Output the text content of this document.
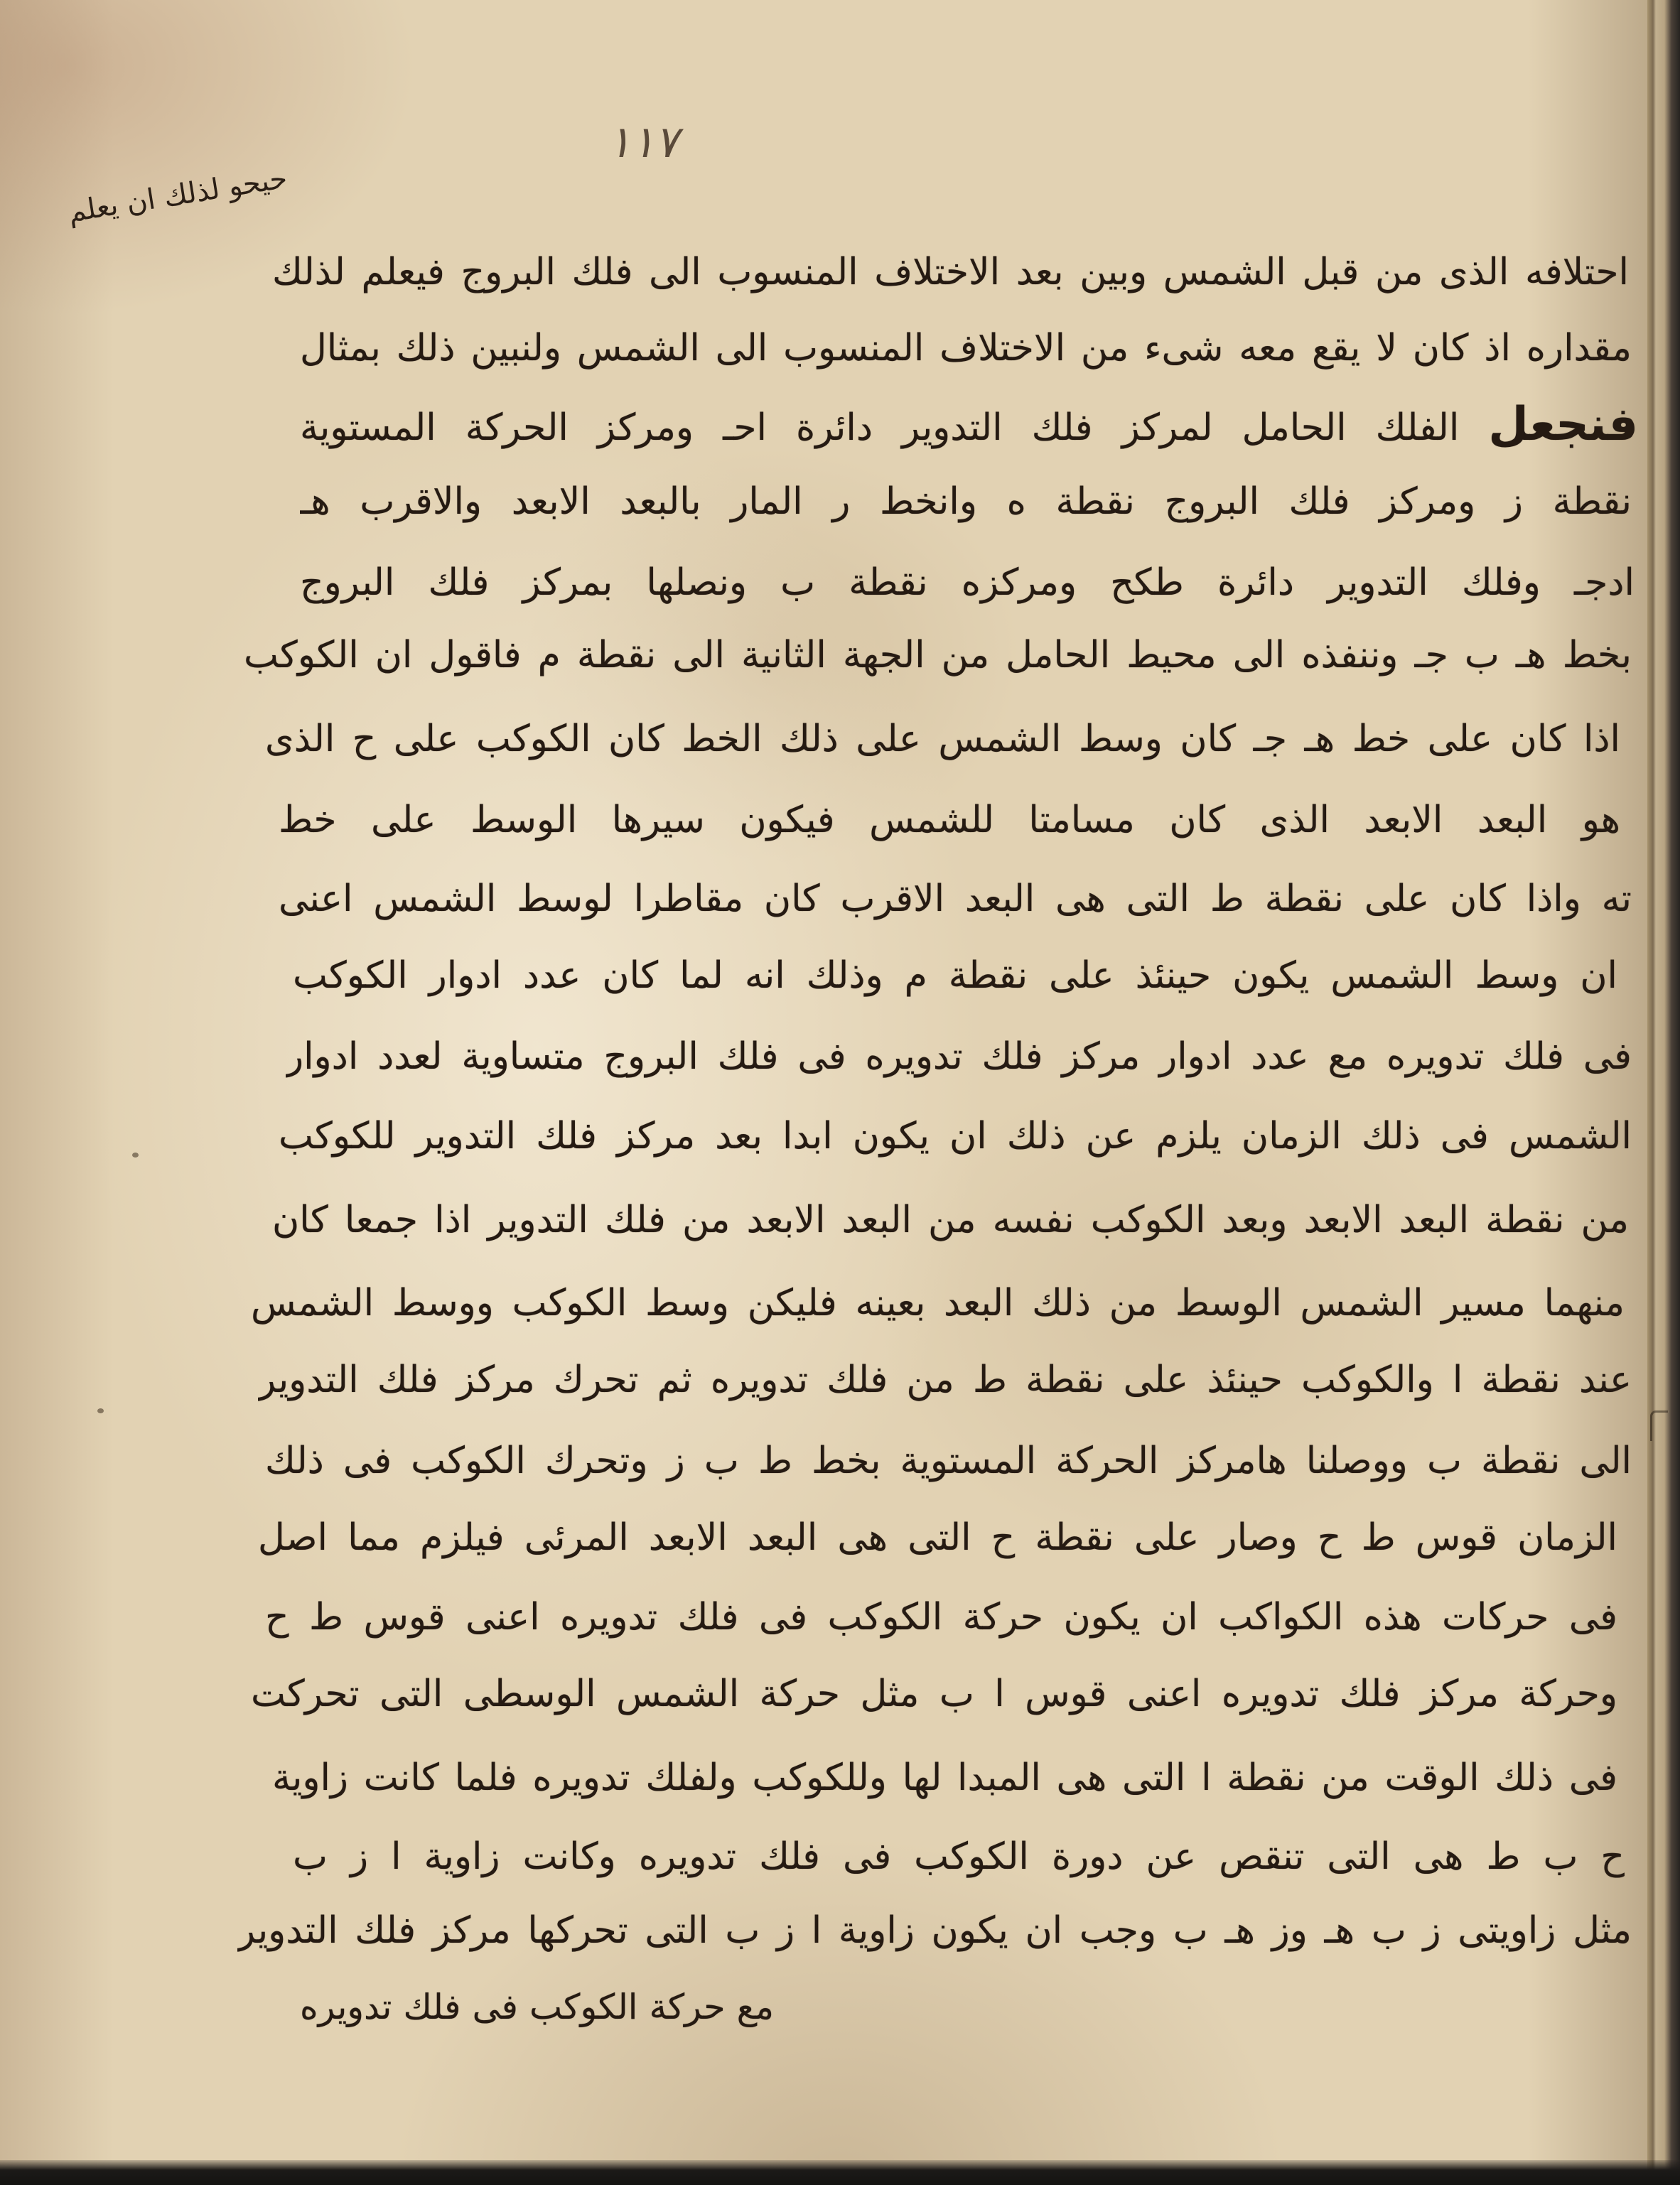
١١٧
حيحو لذلك ان يعلم
احتلافه الذى من قبل الشمس وبين بعد الاختلاف المنسوب الى فلك البروج فيعلم لذلك
مقداره اذ كان لا يقع معه شىء من الاختلاف المنسوب الى الشمس ولنبين ذلك بمثال
فنجعل الفلك الحامل لمركز فلك التدوير دائرة احـ ومركز الحركة المستوية
نقطة ز ومركز فلك البروج نقطة ه وانخط ر المار بالبعد الابعد والاقرب هـ
ادجـ وفلك التدوير دائرة طكح ومركزه نقطة ب ونصلها بمركز فلك البروج
بخط هـ ب جـ وننفذه الى محيط الحامل من الجهة الثانية الى نقطة م فاقول ان الكوكب
اذا كان على خط هـ جـ كان وسط الشمس على ذلك الخط كان الكوكب على ح الذى
هو البعد الابعد الذى كان مسامتا للشمس فيكون سيرها الوسط على خط
ته واذا كان على نقطة ط التى هى البعد الاقرب كان مقاطرا لوسط الشمس اعنى
ان وسط الشمس يكون حينئذ على نقطة م وذلك انه لما كان عدد ادوار الكوكب
فى فلك تدويره مع عدد ادوار مركز فلك تدويره فى فلك البروج متساوية لعدد ادوار
الشمس فى ذلك الزمان يلزم عن ذلك ان يكون ابدا بعد مركز فلك التدوير للكوكب
من نقطة البعد الابعد وبعد الكوكب نفسه من البعد الابعد من فلك التدوير اذا جمعا كان
منهما مسير الشمس الوسط من ذلك البعد بعينه فليكن وسط الكوكب ووسط الشمس
عند نقطة ا والكوكب حينئذ على نقطة ط من فلك تدويره ثم تحرك مركز فلك التدوير
الى نقطة ب ووصلنا هامركز الحركة المستوية بخط ط ب ز وتحرك الكوكب فى ذلك
الزمان قوس ط ح وصار على نقطة ح التى هى البعد الابعد المرئى فيلزم مما اصل
فى حركات هذه الكواكب ان يكون حركة الكوكب فى فلك تدويره اعنى قوس ط ح
وحركة مركز فلك تدويره اعنى قوس ا ب مثل حركة الشمس الوسطى التى تحركت
فى ذلك الوقت من نقطة ا التى هى المبدا لها وللكوكب ولفلك تدويره فلما كانت زاوية
ح ب ط هى التى تنقص عن دورة الكوكب فى فلك تدويره وكانت زاوية ا ز ب
مثل زاويتى ز ب هـ وز هـ ب وجب ان يكون زاوية ا ز ب التى تحركها مركز فلك التدوير
مع حركة الكوكب فى فلك تدويره
